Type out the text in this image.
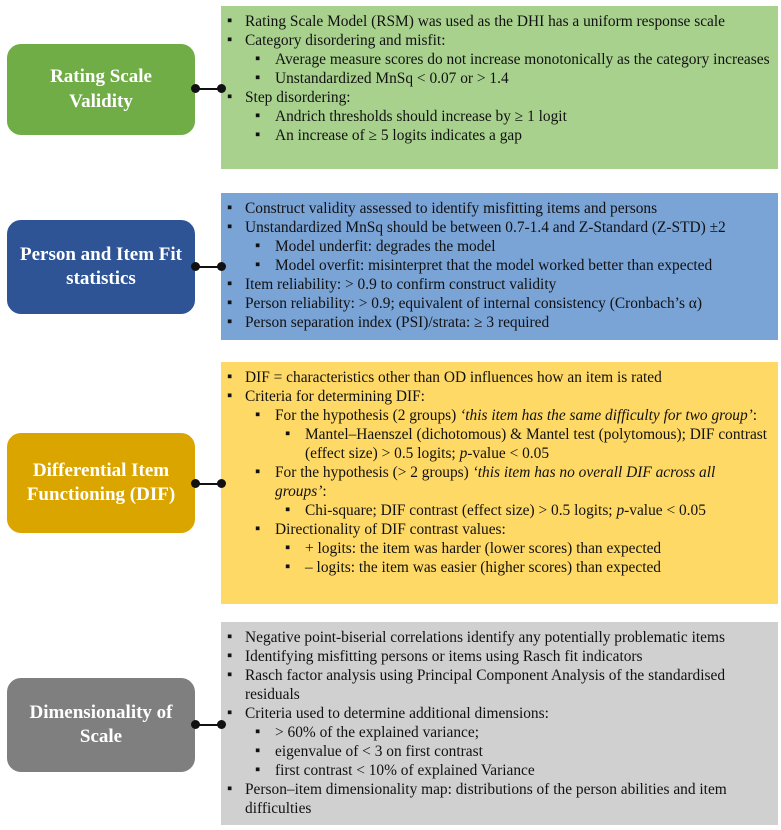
▪
Rating Scale Model (RSM) was used as the DHI has a uniform response scale
▪
Category disordering and misfit:
▪
Average measure scores do not increase monotonically as the category increases
▪
Unstandardized MnSq < 0.07 or > 1.4
▪
Step disordering:
▪
Andrich thresholds should increase by ≥ 1 logit
▪
An increase of ≥ 5 logits indicates a gap
Rating Scale Validity
▪
Construct validity assessed to identify misfitting items and persons
▪
Unstandardized MnSq should be between 0.7-1.4 and Z-Standard (Z-STD) ±2
▪
Model underfit: degrades the model
▪
Model overfit: misinterpret that the model worked better than expected
▪
Item reliability: > 0.9 to confirm construct validity
▪
Person reliability: > 0.9; equivalent of internal consistency (Cronbach’s α)
▪
Person separation index (PSI)/strata: ≥ 3 required
Person and Item Fit statistics
▪
DIF = characteristics other than OD influences how an item is rated
▪
Criteria for determining DIF:
▪
For the hypothesis (2 groups) ‘this item has the same difficulty for two group’:
▪
Mantel–Haenszel (dichotomous) & Mantel test (polytomous); DIF contrast (effect size) > 0.5 logits; p-value < 0.05
▪
For the hypothesis (> 2 groups) ‘this item has no overall DIF across all groups’:
▪
Chi-square; DIF contrast (effect size) > 0.5 logits; p-value < 0.05
▪
Directionality of DIF contrast values:
▪
+ logits: the item was harder (lower scores) than expected
▪
– logits: the item was easier (higher scores) than expected
Differential Item Functioning (DIF)
▪
Negative point-biserial correlations identify any potentially problematic items
▪
Identifying misfitting persons or items using Rasch fit indicators
▪
Rasch factor analysis using Principal Component Analysis of the standardised residuals
▪
Criteria used to determine additional dimensions:
▪
> 60% of the explained variance;
▪
eigenvalue of < 3 on first contrast
▪
first contrast < 10% of explained Variance
▪
Person–item dimensionality map: distributions of the person abilities and item difficulties
Dimensionality of Scale
